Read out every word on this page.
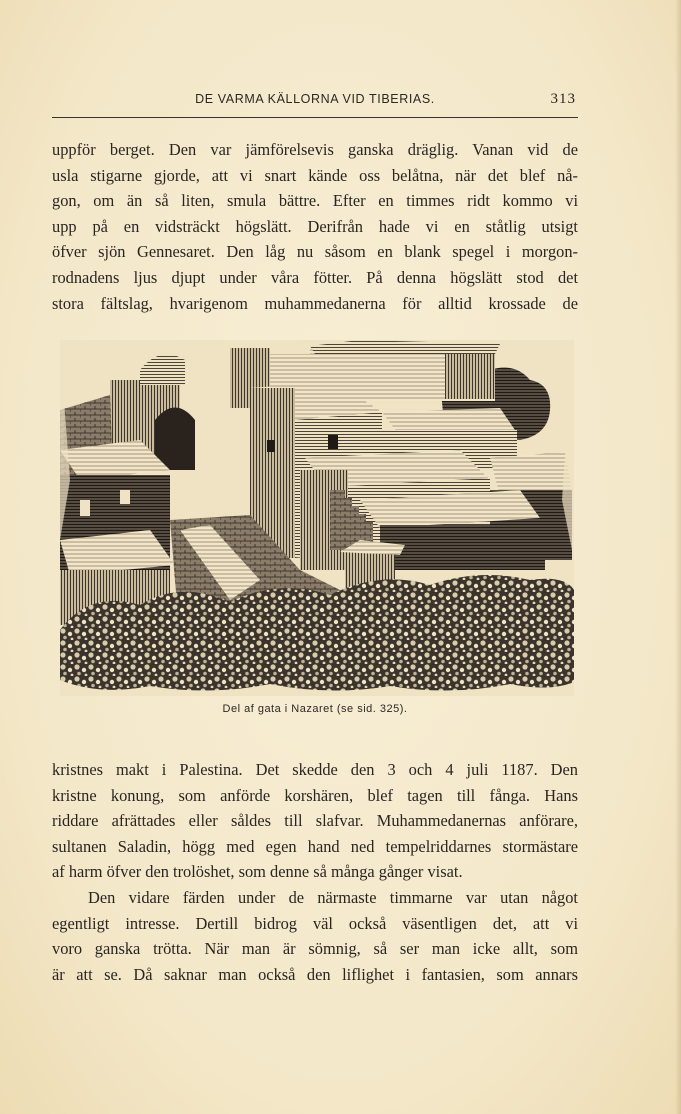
DE VARMA KÄLLORNA VID TIBERIAS.	313
uppför berget. Den var jämförelsevis ganska dräglig. Vanan vid de
usla stigarne gjorde, att vi snart kände oss belåtna, när det blef nå-
gon, om än så liten, smula bättre. Efter en timmes ridt kommo vi
upp på en vidsträckt högslätt. Derifrån hade vi en ståtlig utsigt
öfver sjön Gennesaret. Den låg nu såsom en blank spegel i morgon-
rodnadens ljus djupt under våra fötter. På denna högslätt stod det
stora fältslag, hvarigenom muhammedanerna för alltid krossade de
Del af gata i Nazaret (se sid. 325).
kristnes makt i Palestina. Det skedde den 3 och 4 juli 1187. Den
kristne konung, som anförde korshären, blef tagen till fånga. Hans
riddare afrättades eller såldes till slafvar. Muhammedanernas anförare,
sultanen Saladin, högg med egen hand ned tempelriddarnes stormästare
af harm öfver den trolöshet, som denne så många gånger visat.
Den vidare färden under de närmaste timmarne var utan något
egentligt intresse. Dertill bidrog väl också väsentligen det, att vi
voro ganska trötta. När man är sömnig, så ser man icke allt, som
är att se. Då saknar man också den liflighet i fantasien, som annars
